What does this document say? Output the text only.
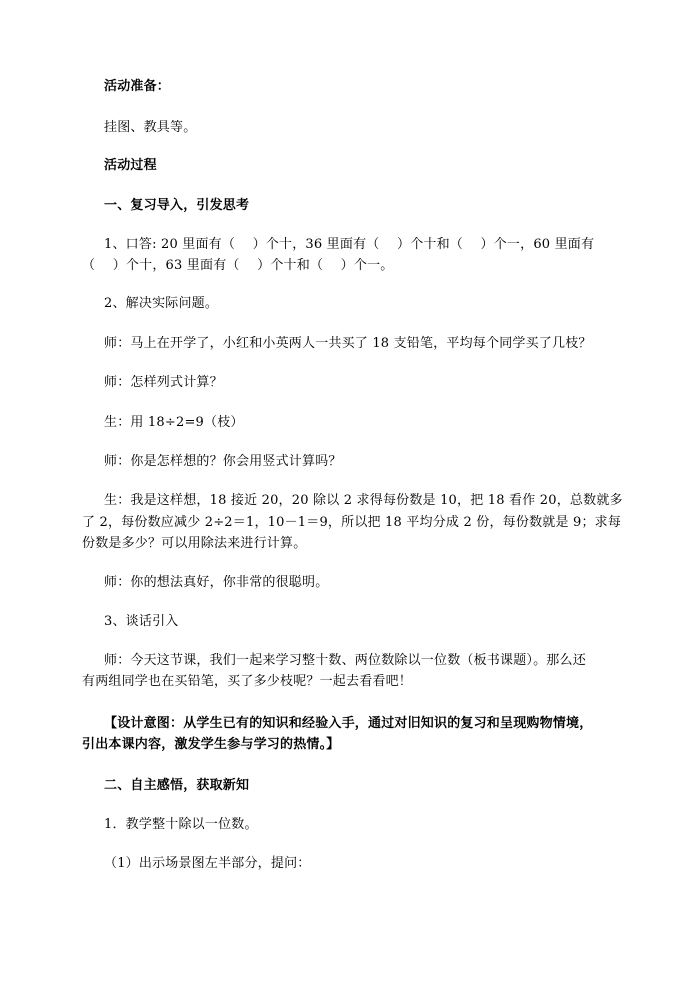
活动准备：
挂图、教具等。
活动过程
一、复习导入，引发思考
1、口答: 20 里面有（　 ）个十，36 里面有（　 ）个十和（　 ）个一，60 里面有
（　 ）个十，63 里面有（　 ）个十和（　 ）个一。
2、解决实际问题。
师：马上在开学了，小红和小英两人一共买了 18 支铅笔，平均每个同学买了几枝？
师：怎样列式计算？
生：用 18÷2=9（枝）
师：你是怎样想的？你会用竖式计算吗？
生：我是这样想，18 接近 20，20 除以 2 求得每份数是 10，把 18 看作 20，总数就多
了 2，每份数应减少 2÷2＝1，10－1＝9，所以把 18 平均分成 2 份，每份数就是 9；求每
份数是多少？可以用除法来进行计算。
师：你的想法真好，你非常的很聪明。
3、谈话引入
师：今天这节课，我们一起来学习整十数、两位数除以一位数（板书课题）。那么还
有两组同学也在买铅笔，买了多少枝呢？一起去看看吧！
【设计意图：从学生已有的知识和经验入手，通过对旧知识的复习和呈现购物情境，
引出本课内容，激发学生参与学习的热情。】
二、自主感悟，获取新知
1．教学整十除以一位数。
（1）出示场景图左半部分，提问：
